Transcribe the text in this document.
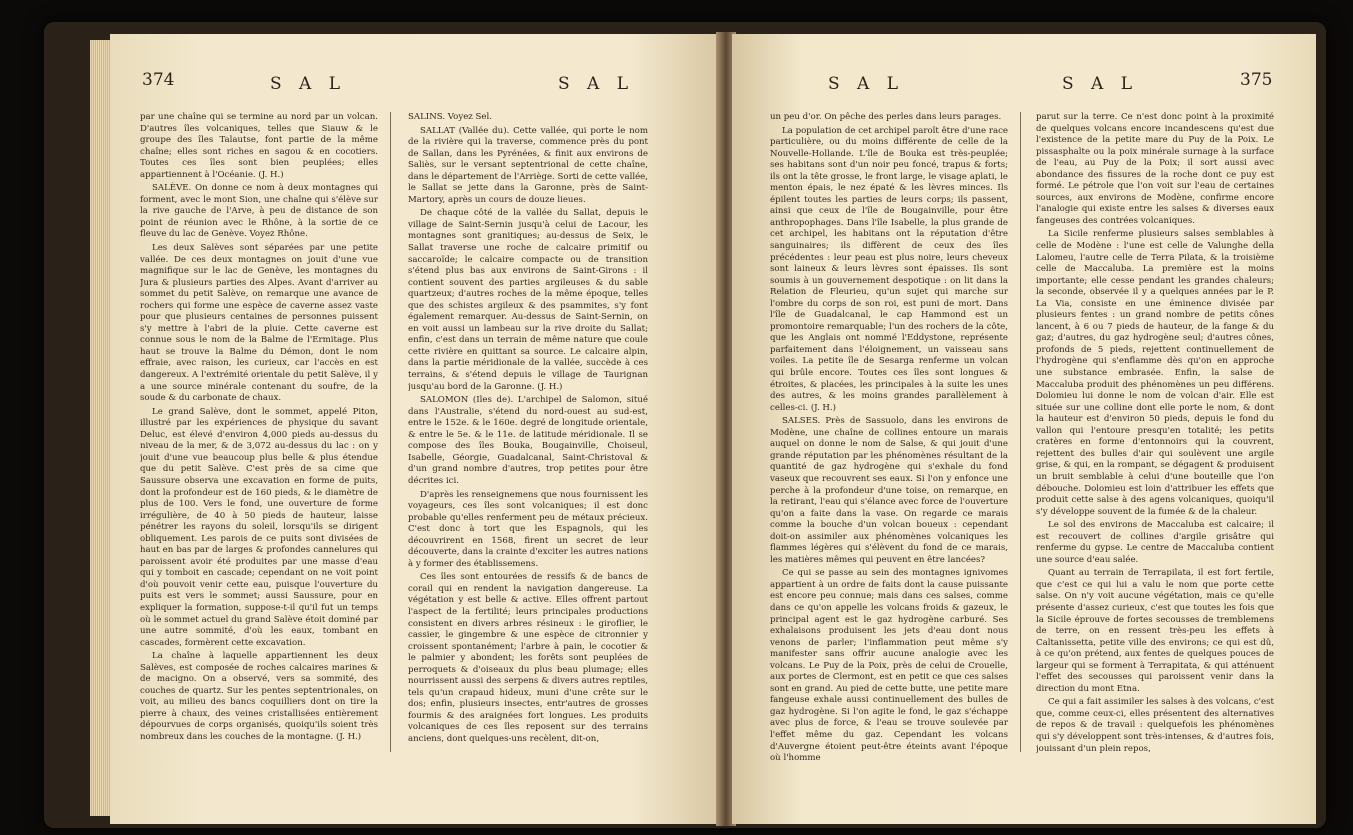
374	S A L	S A L

par une chaîne qui se termine au nord par un volcan. D'autres îles volcaniques, telles que Siauw & le groupe des îles Talautse, font partie de la même chaîne; elles sont riches en sagou & en cocotiers. Toutes ces îles sont bien peuplées; elles appartiennent à l'Océanie. (J. H.)

SALÈVE. On donne ce nom à deux montagnes qui forment, avec le mont Sion, une chaîne qui s'élève sur la rive gauche de l'Arve, à peu de distance de son point de réunion avec le Rhône, à la sortie de ce fleuve du lac de Genève. Voyez Rhône.

Les deux Salèves sont séparées par une petite vallée. De ces deux montagnes on jouit d'une vue magnifique sur le lac de Genève, les montagnes du Jura & plusieurs parties des Alpes. Avant d'arriver au sommet du petit Salève, on remarque une avance de rochers qui forme une espèce de caverne assez vaste pour que plusieurs centaines de personnes puissent s'y mettre à l'abri de la pluie. Cette caverne est connue sous le nom de la Balme de l'Ermitage. Plus haut se trouve la Balme du Démon, dont le nom effraie, avec raison, les curieux, car l'accès en est dangereux. A l'extrémité orientale du petit Salève, il y a une source minérale contenant du soufre, de la soude & du carbonate de chaux.

Le grand Salève, dont le sommet, appelé Piton, illustré par les expériences de physique du savant Deluc, est élevé d'environ 4,000 pieds au-dessus du niveau de la mer, & de 3,072 au-dessus du lac : on y jouit d'une vue beaucoup plus belle & plus étendue que du petit Salève. C'est près de sa cime que Saussure observa une excavation en forme de puits, dont la profondeur est de 160 pieds, & le diamètre de plus de 100. Vers le fond, une ouverture de forme irrégulière, de 40 à 50 pieds de hauteur, laisse pénétrer les rayons du soleil, lorsqu'ils se dirigent obliquement. Les parois de ce puits sont divisées de haut en bas par de larges & profondes cannelures qui paroissent avoir été produites par une masse d'eau qui y tomboit en cascade; cependant on ne voit point d'où pouvoit venir cette eau, puisque l'ouverture du puits est vers le sommet; aussi Saussure, pour en expliquer la formation, suppose-t-il qu'il fut un temps où le sommet actuel du grand Salève étoit dominé par une autre sommité, d'où les eaux, tombant en cascades, formèrent cette excavation.

La chaîne à laquelle appartiennent les deux Salèves, est composée de roches calcaires marines & de macigno. On a observé, vers sa sommité, des couches de quartz. Sur les pentes septentrionales, on voit, au milieu des bancs coquilliers dont on tire la pierre à chaux, des veines cristallisées entièrement dépourvues de corps organisés, quoiqu'ils soient très nombreux dans les couches de la montagne. (J. H.)

SALINS. Voyez Sel.

SALLAT (Vallée du). Cette vallée, qui porte le nom de la rivière qui la traverse, commence près du pont de Sallan, dans les Pyrénées, & finit aux environs de Saliès, sur le versant septentrional de cette chaîne, dans le département de l'Arriège. Sorti de cette vallée, le Sallat se jette dans la Garonne, près de Saint-Martory, après un cours de douze lieues.

De chaque côté de la vallée du Sallat, depuis le village de Saint-Sernin jusqu'à celui de Lacour, les montagnes sont granitiques; au-dessus de Seix, le Sallat traverse une roche de calcaire primitif ou saccaroïde; le calcaire compacte ou de transition s'étend plus bas aux environs de Saint-Girons : il contient souvent des parties argileuses & du sable quartzeux; d'autres roches de la même époque, telles que des schistes argileux & des psammites, s'y font également remarquer. Au-dessus de Saint-Sernin, on en voit aussi un lambeau sur la rive droite du Sallat; enfin, c'est dans un terrain de même nature que coule cette rivière en quittant sa source. Le calcaire alpin, dans la partie méridionale de la vallée, succède à ces terrains, & s'étend depuis le village de Taurignan jusqu'au bord de la Garonne. (J. H.)

SALOMON (Iles de). L'archipel de Salomon, situé dans l'Australie, s'étend du nord-ouest au sud-est, entre le 152e. & le 160e. degré de longitude orientale, & entre le 5e. & le 11e. de latitude méridionale. Il se compose des îles Bouka, Bougainville, Choiseul, Isabelle, Géorgie, Guadalcanal, Saint-Christoval & d'un grand nombre d'autres, trop petites pour être décrites ici.

D'après les renseignemens que nous fournissent les voyageurs, ces îles sont volcaniques; il est donc probable qu'elles renferment peu de métaux précieux. C'est donc à tort que les Espagnols, qui les découvrirent en 1568, firent un secret de leur découverte, dans la crainte d'exciter les autres nations à y former des établissemens.

Ces îles sont entourées de ressifs & de bancs de corail qui en rendent la navigation dangereuse. La végétation y est belle & active. Elles offrent partout l'aspect de la fertilité; leurs principales productions consistent en divers arbres résineux : le giroflier, le cassier, le gingembre & une espèce de citronnier y croissent spontanément; l'arbre à pain, le cocotier & le palmier y abondent; les forêts sont peuplées de perroquets & d'oiseaux du plus beau plumage; elles nourrissent aussi des serpens & divers autres reptiles, tels qu'un crapaud hideux, muni d'une crête sur le dos; enfin, plusieurs insectes, entr'autres de grosses fourmis & des araignées fort longues. Les produits volcaniques de ces îles reposent sur des terrains anciens, dont quelques-uns recèlent, dit-on,

S A L	S A L	375

un peu d'or. On pêche des perles dans leurs parages.

La population de cet archipel paroît être d'une race particulière, ou du moins différente de celle de la Nouvelle-Hollande. L'île de Bouka est très-peuplée; ses habitans sont d'un noir peu foncé, trapus & forts; ils ont la tête grosse, le front large, le visage aplati, le menton épais, le nez épaté & les lèvres minces. Ils épilent toutes les parties de leurs corps; ils passent, ainsi que ceux de l'île de Bougainville, pour être anthropophages. Dans l'île Isabelle, la plus grande de cet archipel, les habitans ont la réputation d'être sanguinaires; ils diffèrent de ceux des îles précédentes : leur peau est plus noire, leurs cheveux sont laineux & leurs lèvres sont épaisses. Ils sont soumis à un gouvernement despotique : on lit dans la Relation de Fleurieu, qu'un sujet qui marche sur l'ombre du corps de son roi, est puni de mort. Dans l'île de Guadalcanal, le cap Hammond est un promontoire remarquable; l'un des rochers de la côte, que les Anglais ont nommé l'Eddystone, représente parfaitement dans l'éloignement, un vaisseau sans voiles. La petite île de Sesarga renferme un volcan qui brûle encore. Toutes ces îles sont longues & étroites, & placées, les principales à la suite les unes des autres, & les moins grandes parallèlement à celles-ci. (J. H.)

SALSES. Près de Sassuolo, dans les environs de Modène, une chaîne de collines entoure un marais auquel on donne le nom de Salse, & qui jouit d'une grande réputation par les phénomènes résultant de la quantité de gaz hydrogène qui s'exhale du fond vaseux que recouvrent ses eaux. Si l'on y enfonce une perche à la profondeur d'une toise, on remarque, en la retirant, l'eau qui s'élance avec force de l'ouverture qu'on a faite dans la vase. On regarde ce marais comme la bouche d'un volcan boueux : cependant doit-on assimiler aux phénomènes volcaniques les flammes légères qui s'élèvent du fond de ce marais, les matières mêmes qui peuvent en être lancées?

Ce qui se passe au sein des montagnes ignivomes appartient à un ordre de faits dont la cause puissante est encore peu connue; mais dans ces salses, comme dans ce qu'on appelle les volcans froids & gazeux, le principal agent est le gaz hydrogène carburé. Ses exhalaisons produisent les jets d'eau dont nous venons de parler; l'inflammation peut même s'y manifester sans offrir aucune analogie avec les volcans. Le Puy de la Poix, près de celui de Crouelle, aux portes de Clermont, est en petit ce que ces salses sont en grand. Au pied de cette butte, une petite mare fangeuse exhale aussi continuellement des bulles de gaz hydrogène. Si l'on agite le fond, le gaz s'échappe avec plus de force, & l'eau se trouve soulevée par l'effet même du gaz. Cependant les volcans d'Auvergne étoient peut-être éteints avant l'époque où l'homme

parut sur la terre. Ce n'est donc point à la proximité de quelques volcans encore incandescens qu'est due l'existence de la petite mare du Puy de la Poix. Le pissasphalte ou la poix minérale surnage à la surface de l'eau, au Puy de la Poix; il sort aussi avec abondance des fissures de la roche dont ce puy est formé. Le pétrole que l'on voit sur l'eau de certaines sources, aux environs de Modène, confirme encore l'analogie qui existe entre les salses & diverses eaux fangeuses des contrées volcaniques.

La Sicile renferme plusieurs salses semblables à celle de Modène : l'une est celle de Valunghe della Lalomeu, l'autre celle de Terra Pilata, & la troisième celle de Maccaluba. La première est la moins importante; elle cesse pendant les grandes chaleurs; la seconde, observée il y a quelques années par le P. La Via, consiste en une éminence divisée par plusieurs fentes : un grand nombre de petits cônes lancent, à 6 ou 7 pieds de hauteur, de la fange & du gaz; d'autres, du gaz hydrogène seul; d'autres cônes, profonds de 5 pieds, rejettent continuellement de l'hydrogène qui s'enflamme dès qu'on en approche une substance embrasée. Enfin, la salse de Maccaluba produit des phénomènes un peu différens. Dolomieu lui donne le nom de volcan d'air. Elle est située sur une colline dont elle porte le nom, & dont la hauteur est d'environ 50 pieds, depuis le fond du vallon qui l'entoure presqu'en totalité; les petits cratères en forme d'entonnoirs qui la couvrent, rejettent des bulles d'air qui soulèvent une argile grise, & qui, en la rompant, se dégagent & produisent un bruit semblable à celui d'une bouteille que l'on débouche. Dolomieu est loin d'attribuer les effets que produit cette salse à des agens volcaniques, quoiqu'il s'y développe souvent de la fumée & de la chaleur.

Le sol des environs de Maccaluba est calcaire; il est recouvert de collines d'argile grisâtre qui renferme du gypse. Le centre de Maccaluba contient une source d'eau salée.

Quant au terrain de Terrapilata, il est fort fertile, que c'est ce qui lui a valu le nom que porte cette salse. On n'y voit aucune végétation, mais ce qu'elle présente d'assez curieux, c'est que toutes les fois que la Sicile éprouve de fortes secousses de tremblemens de terre, on en ressent très-peu les effets à Caltanissetta, petite ville des environs; ce qui est dû, à ce qu'on prétend, aux fentes de quelques pouces de largeur qui se forment à Terrapitata, & qui atténuent l'effet des secousses qui paroissent venir dans la direction du mont Etna.

Ce qui a fait assimiler les salses à des volcans, c'est que, comme ceux-ci, elles présentent des alternatives de repos & de travail : quelquefois les phénomènes qui s'y développent sont très-intenses, & d'autres fois, jouissant d'un plein repos,
